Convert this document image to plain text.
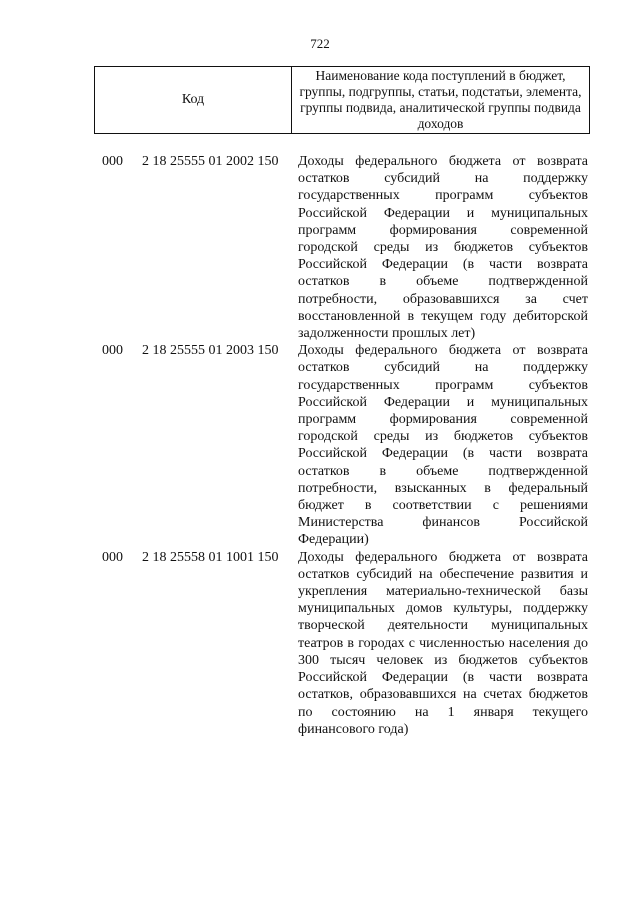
722
Код
Наименование кода поступлений в бюджет, группы, подгруппы, статьи, подстатьи, элемента, группы подвида, аналитической группы подвида доходов
000 2 18 25555 01 2002 150 Доходы федерального бюджета от возврата остатков субсидий на поддержку государственных программ субъектов Российской Федерации и муниципальных программ формирования современной городской среды из бюджетов субъектов Российской Федерации (в части возврата остатков в объеме подтвержденной потребности, образовавшихся за счет восстановленной в текущем году дебиторской задолженности прошлых лет)
000 2 18 25555 01 2003 150 Доходы федерального бюджета от возврата остатков субсидий на поддержку государственных программ субъектов Российской Федерации и муниципальных программ формирования современной городской среды из бюджетов субъектов Российской Федерации (в части возврата остатков в объеме подтвержденной потребности, взысканных в федеральный бюджет в соответствии с решениями Министерства финансов Российской Федерации)
000 2 18 25558 01 1001 150 Доходы федерального бюджета от возврата остатков субсидий на обеспечение развития и укрепления материально-технической базы муниципальных домов культуры, поддержку творческой деятельности муниципальных театров в городах с численностью населения до 300 тысяч человек из бюджетов субъектов Российской Федерации (в части возврата остатков, образовавшихся на счетах бюджетов по состоянию на 1 января текущего финансового года)
